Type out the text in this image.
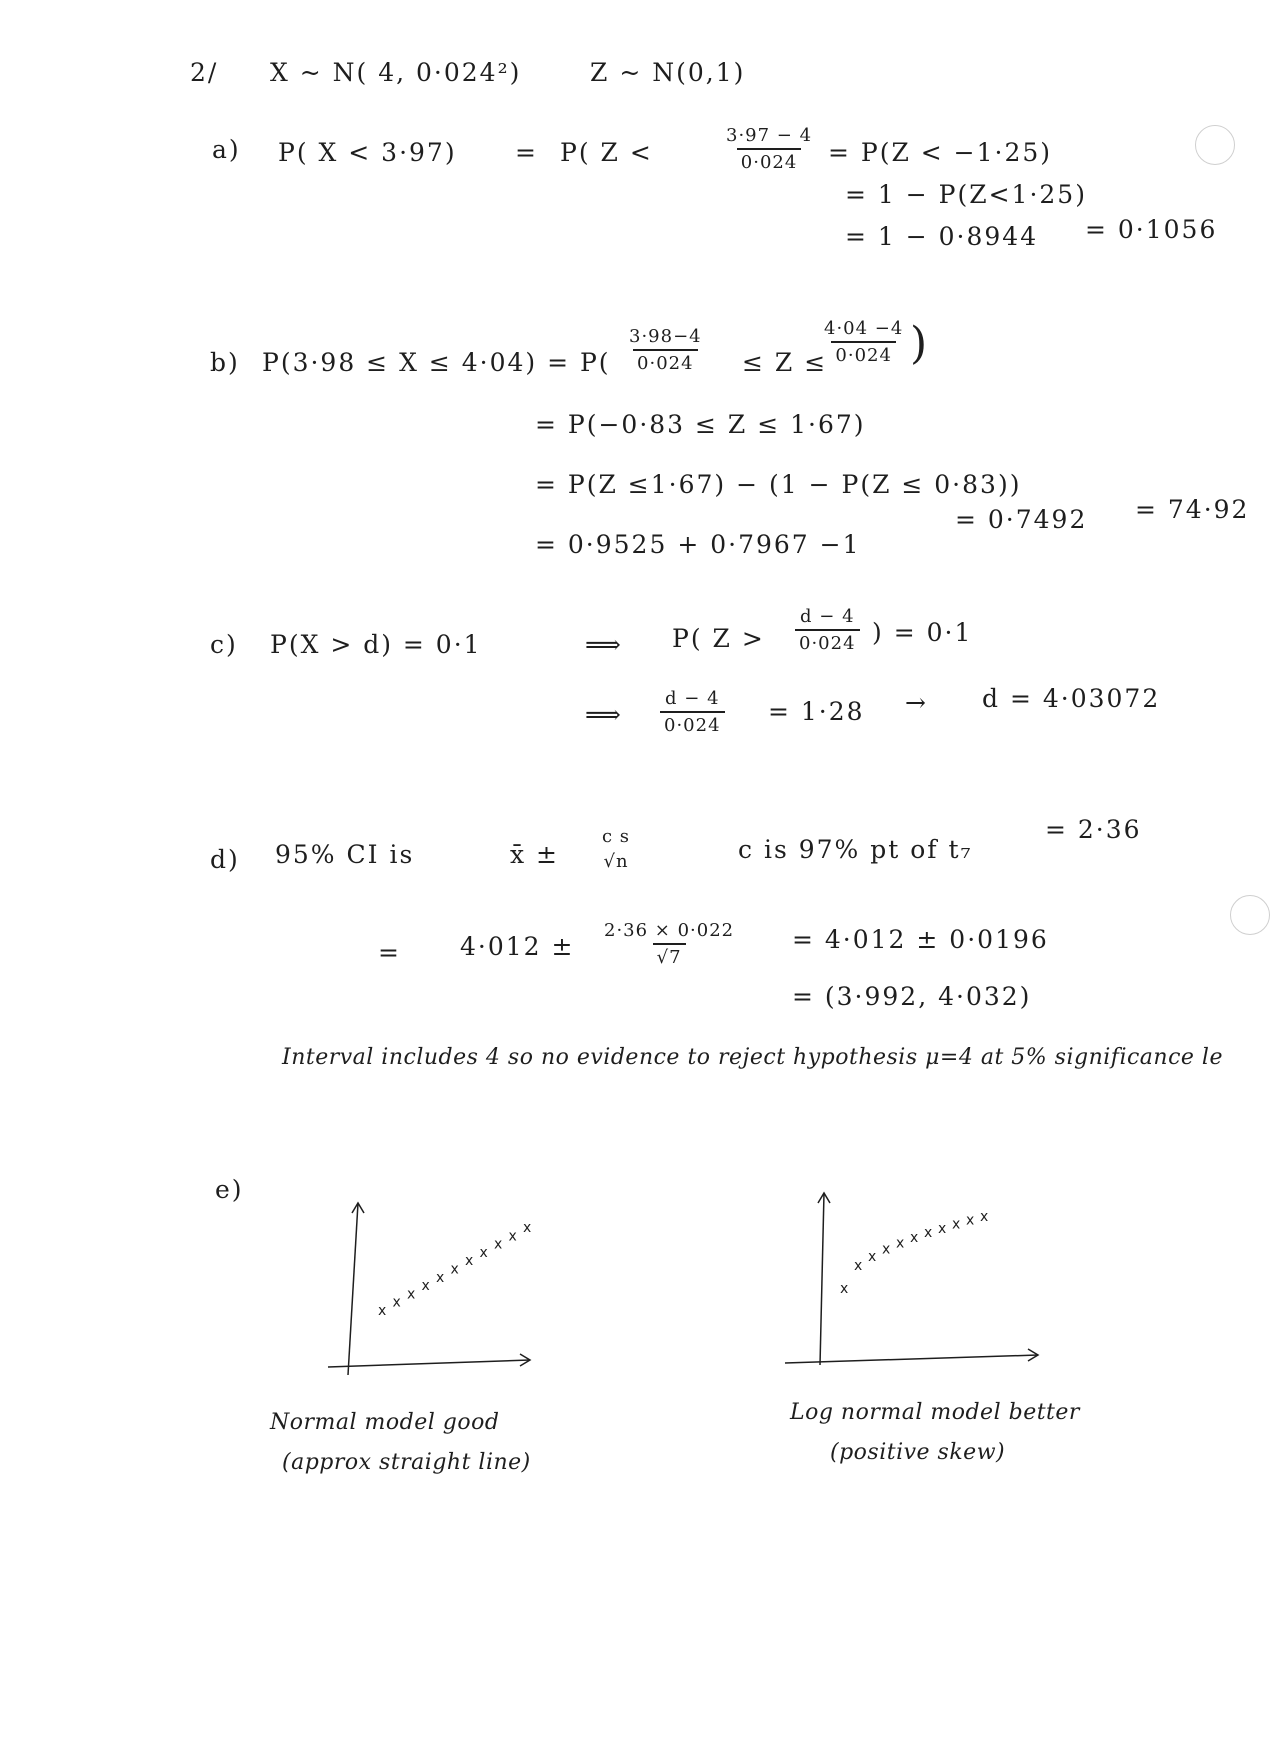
2/ X ~ N( 4, 0·024²)	Z ~ N(0,1)
a) P( X < 3·97) = P( Z <	$\frac{3\cdot 97 - 4}{0\cdot 024} = P(Z < -1\cdot 25)$
= 1 − P(Z<1·25)
= 1 − 0·8944 = 0·1056
b) $P(3\cdot 98 \le X \le 4\cdot 04) = P( \frac{3\cdot 98-4}{0\cdot 024} \le Z$ ≤
$\frac{4\cdot 04 -4}{0\cdot 024}$ )
= P(−0·83 ≤ Z ≤ 1·67)
= P(Z ≤1·67) − (1 − P(Z ≤ 0·83))
= 0·9525 + 0·7967 −1
= 0·7492 = 74·92
c) P(X > d) = 0·1	⟹ P( $Z > \frac{d - 4}{0\cdot 024}$ ) = 0·1
⟹ $\frac{d - 4}{0\cdot 024} = 1\cdot 28 \to d = 4\cdot 03072$
d) 95% CI is	x̄ ±
c s
√n	c is 97% pt of t₇
= 2·36
= $4\cdot 012 \pm \frac{2\cdot 36 \times 0\cdot 022}{√7} = 4\cdot 012 \pm 0\cdot 0196$
= (3·992, 4·032)
Interval includes 4 so no evidence to reject hypothesis μ=4 at 5% significance le
e)
x
x
x
x
x
x
x
x
x
x
x
x
x
x x x x x x x x x
Normal model good
(approx straight line)
Log normal model better
(positive skew)
